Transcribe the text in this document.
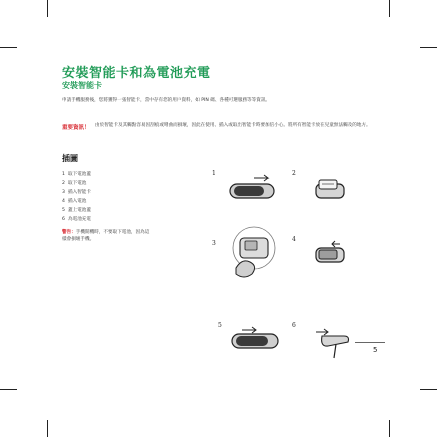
安裝智能卡和為電池充電
安裝智能卡
申請手機服務後，您將獲得一張智能卡，當中存有您的用戶資料，如 PIN 碼、各種可選服務等等資訊。
重要資訊！ 由於智能卡及其觸點容易因刮痕或彎曲而損壞，因此在使用、插入或取出智能卡時要加倍小心。將所有智能卡放在兒童無法觸及的地方。
插圖
1 取下電池蓋
2 取下電池
3 插入智能卡
4 插入電池
5 蓋上電池蓋
6 為電池充電
警告：手機開機時，不要取下電池，因為這樣會損壞手機。
1	2
3
4
5	6
5
